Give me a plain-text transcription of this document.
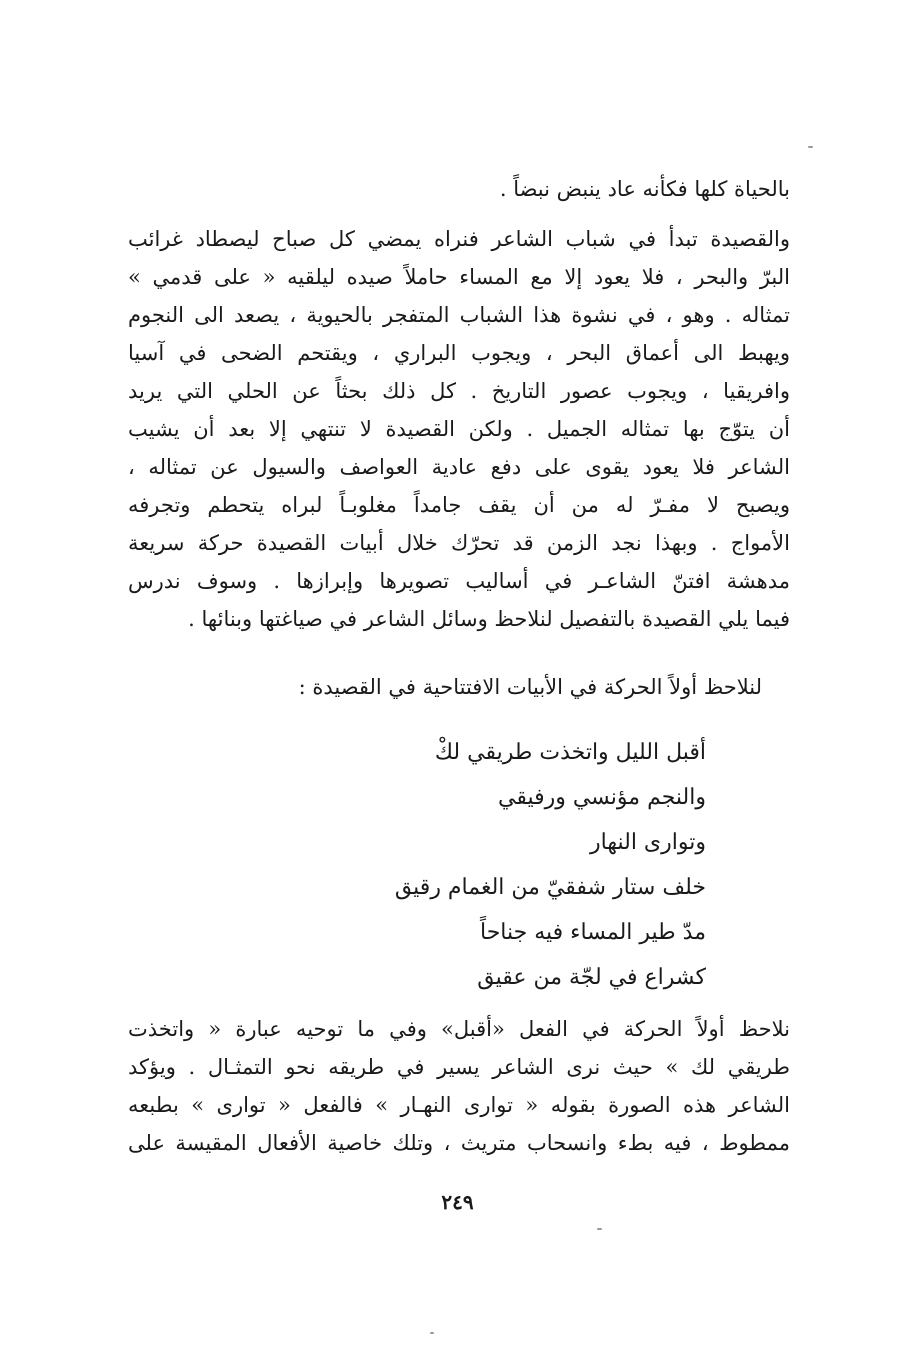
بالحياة كلها فكأنه عاد ينبض نبضاً .
والقصيدة تبدأ في شباب الشاعر فنراه يمضي كل صباح ليصطاد غرائب
البرّ والبحر ، فلا يعود إلا مع المساء حاملاً صيده ليلقيه « على قدمي »
تمثاله . وهو ، في نشوة هذا الشباب المتفجر بالحيوية ، يصعد الى النجوم
ويهبط الى أعماق البحر ، ويجوب البراري ، ويقتحم الضحى في آسيا
وافريقيا ، ويجوب عصور التاريخ . كل ذلك بحثاً عن الحلي التي يريد
أن يتوّج بها تمثاله الجميل . ولكن القصيدة لا تنتهي إلا بعد أن يشيب
الشاعر فلا يعود يقوى على دفع عادية العواصف والسيول عن تمثاله ،
ويصبح لا مفـرّ له من أن يقف جامداً مغلوبـاً لبراه يتحطم وتجرفه
الأمواج . وبهذا نجد الزمن قد تحرّك خلال أبيات القصيدة حركة سريعة
مدهشة افتنّ الشاعـر في أساليب تصويرها وإبرازها . وسوف ندرس
فيما يلي القصيدة بالتفصيل لنلاحظ وسائل الشاعر في صياغتها وبنائها .
لنلاحظ أولاً الحركة في الأبيات الافتتاحية في القصيدة :
أقبل الليل واتخذت طريقي لكْ
والنجم مؤنسي ورفيقي
وتوارى النهار
خلف ستار شفقيّ من الغمام رقيق
مدّ طير المساء فيه جناحاً
كشراع في لجّة من عقيق
نلاحظ أولاً الحركة في الفعل «أقبل» وفي ما توحيه عبارة « واتخذت
طريقي لك » حيث نرى الشاعر يسير في طريقه نحو التمثـال . ويؤكد
الشاعر هذه الصورة بقوله « توارى النهـار » فالفعل « توارى » بطبعه
ممطوط ، فيه بطء وانسحاب متريث ، وتلك خاصية الأفعال المقيسة على
٢٤٩
